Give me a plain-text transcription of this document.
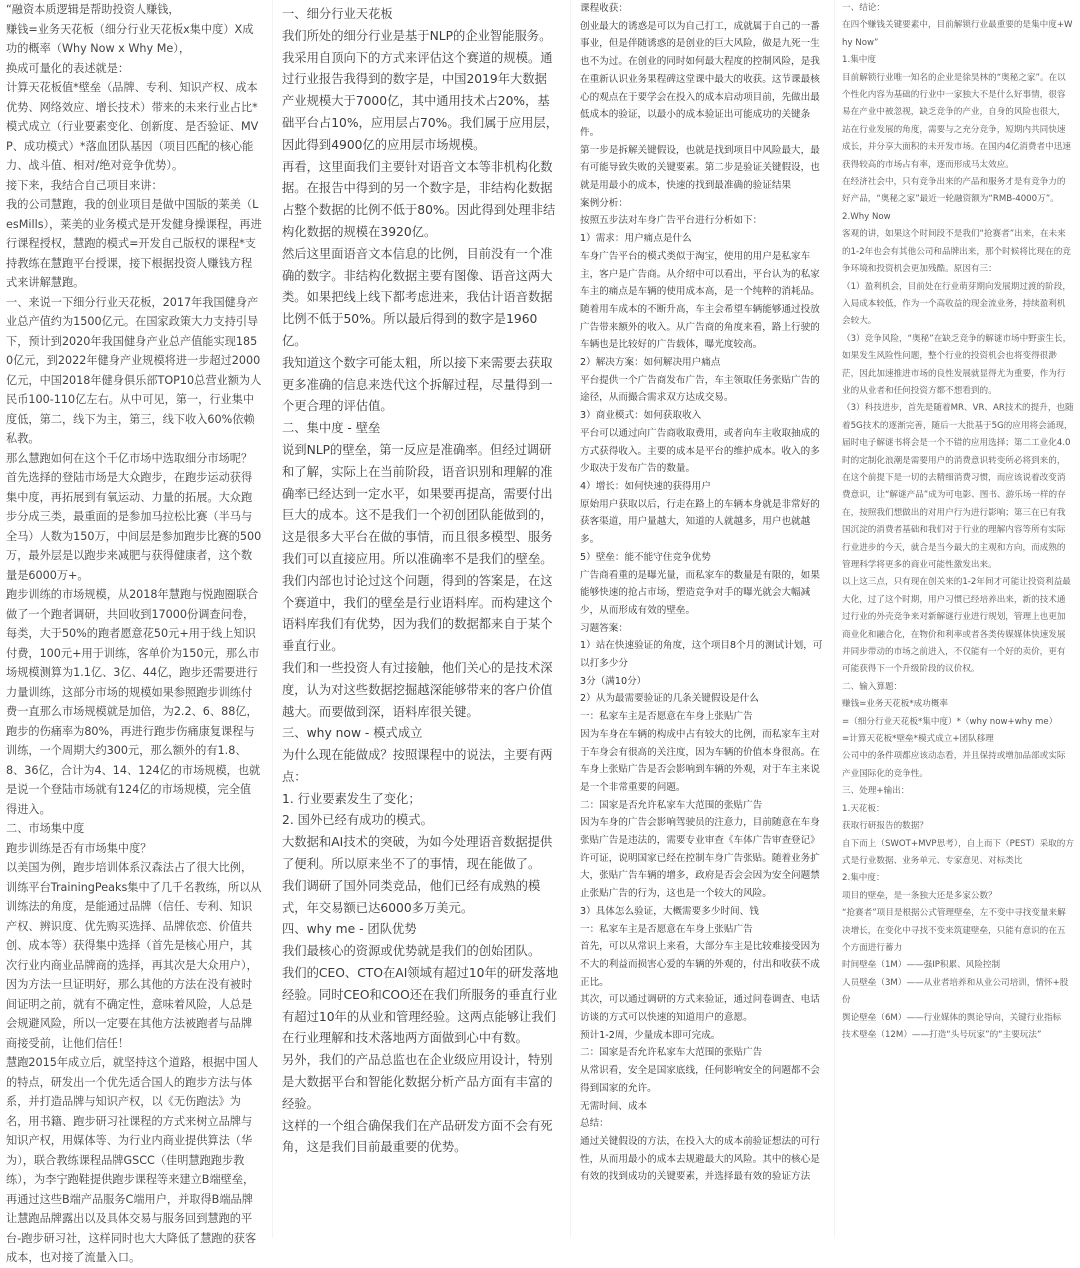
“融资本质逻辑是帮助投资人赚钱，

赚钱=业务天花板（细分行业天花板x集中度）X成功的概率（Why Now x Why Me），

换成可量化的表述就是：

计算天花板值*壁垒（品牌、专利、知识产权、成本优势、网络效应、增长技术）带来的未来行业占比*模式成立（行业要素变化、创新度、是否验证、MVP、成功模式）*落血团队基因（项目匹配的核心能力、战斗值、相对/绝对竞争优势）。

接下来，我结合自己项目来讲：

我的公司慧跑，我的创业项目是做中国版的莱美（LesMills），莱美的业务模式是开发健身操课程，再进行课程授权，慧跑的模式=开发自己版权的课程*支持教练在慧跑平台授课，接下根据投资人赚钱方程式来讲解慧跑。

一、来说一下细分行业天花板，2017年我国健身产业总产值约为1500亿元。在国家政策大力支持引导下，预计到2020年我国健身产业总产值能实现1850亿元，到2022年健身产业规模将进一步超过2000亿元，中国2018年健身俱乐部TOP10总营业额为人民币100-110亿左右。从中可见，第一，行业集中度低，第二，线下为主，第三，线下收入60%依赖私教。

那么慧跑如何在这个千亿市场中选取细分市场呢？

首先选择的登陆市场是大众跑步，在跑步运动获得集中度，再拓展到有氧运动、力量的拓展。大众跑步分成三类，最重面的是参加马拉松比赛（半马与全马）人数为150万，中间层是参加跑步比赛的500万，最外层是以跑步来减肥与获得健康者，这个数量是6000万+。

跑步训练的市场规模，从2018年慧跑与悦跑圈联合做了一个跑者调研，共回收到17000份调查问卷，每类，大于50%的跑者愿意花50元+用于线上知识付费，100元+用于训练，客单价为150元，那么市场规模测算为1.1亿、3亿、44亿，跑步还需要进行力量训练，这部分市场的规模如果参照跑步训练付费一直那么市场规模就是加倍，为2.2、6、88亿，跑步的伤痛率为80%，再进行跑步伤痛康复课程与训练，一个周期大约300元，那么额外的有1.8、8、36亿，合计为4、14、124亿的市场规模，也就是说一个登陆市场就有124亿的市场规模，完全值得进入。

二、市场集中度

跑步训练是否有市场集中度？

以美国为例，跑步培训体系汉森法占了很大比例，训练平台TrainingPeaks集中了几千名教练，所以从训练法的角度，是能通过品牌（信任、专利、知识产权、辨识度、优先购买选择、品牌依恋、价值共创、成本等）获得集中选择（首先是核心用户，其次行业内商业品牌商的选择，再其次是大众用户），因为方法一旦证明好，那么其他的方法在没有被时间证明之前，就有不确定性，意味着风险，人总是会规避风险，所以一定要在其他方法被跑者与品牌商接受前，让他们信任！

慧跑2015年成立后，就坚持这个道路，根据中国人的特点，研发出一个优先适合国人的跑步方法与体系，并打造品牌与知识产权，以《无伤跑法》为名，用书籍、跑步研习社课程的方式来树立品牌与知识产权，用媒体等、为行业内商业提供算法（华为），联合教练课程品牌GSCC（佳明慧跑跑步教练），为李宁跑鞋提供跑步课程等来建立B端壁垒，再通过这些B端产品服务C端用户，并取得B端品牌让慧跑品牌露出以及具体交易与服务回到慧跑的平台-跑步研习社，这样同时也大大降低了慧跑的获客成本，也对接了流量入口。

一、细分行业天花板

我们所处的细分行业是基于NLP的企业智能服务。我采用自顶向下的方式来评估这个赛道的规模。通过行业报告我得到的数字是，中国2019年大数据产业规模大于7000亿，其中通用技术占20%，基础平台占10%，应用层占70%。我们属于应用层，因此得到4900亿的应用层市场规模。

再看，这里面我们主要针对语音文本等非机构化数据。在报告中得到的另一个数字是，非结构化数据占整个数据的比例不低于80%。因此得到处理非结构化数据的规模在3920亿。

然后这里面语音文本信息的比例，目前没有一个准确的数字。非结构化数据主要有图像、语音这两大类。如果把线上线下都考虑进来，我估计语音数据比例不低于50%。所以最后得到的数字是1960亿。

我知道这个数字可能太粗，所以接下来需要去获取更多准确的信息来迭代这个拆解过程，尽量得到一个更合理的评估值。

二、集中度 - 壁垒

说到NLP的壁垒，第一反应是准确率。但经过调研和了解，实际上在当前阶段，语音识别和理解的准确率已经达到一定水平，如果要再提高，需要付出巨大的成本。这不是我们一个初创团队能做到的，这是很多大平台在做的事情，而且很多模型、服务我们可以直接应用。所以准确率不是我们的壁垒。

我们内部也讨论过这个问题，得到的答案是，在这个赛道中，我们的壁垒是行业语料库。而构建这个语料库我们有优势，因为我们的数据都来自于某个垂直行业。

我们和一些投资人有过接触，他们关心的是技术深度，认为对这些数据挖掘越深能够带来的客户价值越大。而要做到深，语料库很关键。

三、why now - 模式成立

为什么现在能做成？按照课程中的说法，主要有两点：

1. 行业要素发生了变化；

2. 国外已经有成功的模式。

大数据和AI技术的突破，为如今处理语音数据提供了便利。所以原来坐不了的事情，现在能做了。

我们调研了国外同类竞品，他们已经有成熟的模式，年交易额已达6000多万美元。

四、why me - 团队优势

我们最核心的资源或优势就是我们的创始团队。

我们的CEO、CTO在AI领域有超过10年的研发落地经验。同时CEO和COO还在我们所服务的垂直行业有超过10年的从业和管理经验。这两点能够让我们在行业理解和技术落地两方面做到心中有数。

另外，我们的产品总监也在企业级应用设计，特别是大数据平台和智能化数据分析产品方面有丰富的经验。

这样的一个组合确保我们在产品研发方面不会有死角，这是我们目前最重要的优势。

课程收获：

创业最大的诱惑是可以为自己打工，成就属于自己的一番事业，但是伴随诱惑的是创业的巨大风险，做是九死一生也不为过。在创业的同时如何最大程度的控制风险，是我在重新认识业务果程碑这堂课中最大的收获。这节课最核心的观点在于要学会在投入的成本启动项目前，先做出最低成本的验证，以最小的成本验证出可能成功的关键条件。

第一步是拆解关键假设，也就是找到项目中风险最大，最有可能导致失败的关键要素。第二步是验证关键假设，也就是用最小的成本，快速的找到最准确的验证结果

案例分析：

按照五步法对车身广告平台进行分析如下：

1）需求：用户痛点是什么

车身广告平台的模式类似于淘宝，使用的用户是私家车主，客户是广告商。从介绍中可以看出，平台认为的私家车主的痛点是车辆的使用成本高，是一个纯粹的消耗品。随着用车成本的不断升高，车主会希望车辆能够通过投放广告带来额外的收入。从广告商的角度来看，路上行驶的车辆也是比较好的广告载体，曝光度较高。

2）解决方案：如何解决用户痛点

平台提供一个广告商发布广告，车主领取任务张贴广告的途径，从而撮合需求双方达成交易。

3）商业模式：如何获取收入

平台可以通过向广告商收取费用，或者向车主收取抽成的方式获得收入。主要的成本是平台的维护成本。收入的多少取决于发布广告的数量。

4）增长：如何快速的获得用户

原始用户获取以后，行走在路上的车辆本身就是非常好的获客渠道，用户量越大，知道的人就越多，用户也就越多。

5）壁垒：能不能守住竞争优势

广告商看重的是曝光量，而私家车的数量是有限的，如果能够快速的抢占市场，塑造竞争对手的曝光就会大幅减少，从而形成有效的壁垒。

习题答案：

1）站在快速验证的角度，这个项目8个月的测试计划，可以打多少分

3分（满10分）

2）从为最需要验证的几条关键假设是什么

一：私家车主是否愿意在车身上张贴广告

因为车身在车辆的构成中占有较大的比例，而私家车主对于车身会有很高的关注度，因为车辆的价值本身很高。在车身上张贴广告是否会影响到车辆的外观，对于车主来说是一个非常重要的问题。

二：国家是否允许私家车大范围的张贴广告

因为车身的广告会影响驾驶员的注意力，目前随意在车身张贴广告是违法的，需要专业审查《车体广告审查登记》许可证，说明国家已经在控制车身广告张贴。随着业务扩大，张贴广告车辆的增多，政府是否会会因为安全问题禁止张贴广告的行为，这也是一个较大的风险。

3）具体怎么验证，大概需要多少时间、钱

一：私家车主是否愿意在车身上张贴广告

首先，可以从常识上来看，大部分车主是比较难接受因为不大的利益而损害心爱的车辆的外观的，付出和收获不成正比。

其次，可以通过调研的方式来验证，通过问卷调查、电话访谈的方式可以快速的知道用户的意愿。

预计1-2周，少量成本即可完成。

二：国家是否允许私家车大范围的张贴广告

从常识看，安全是国家底线，任何影响安全的问题都不会得到国家的允许。

无需时间、成本

总结：

通过关键假设的方法，在投入大的成本前验证想法的可行性，从而用最小的成本去规避最大的风险。其中的核心是有效的找到成功的关键要素，并选择最有效的验证方法

一、结论：

在四个赚钱关键要素中，目前解锁行业最重要的是集中度+Why Now”

1.集中度

目前解锁行业唯一知名的企业是徐昊林的“奥秘之家”。在以个性化内容为基础的行业中一家独大不是什么好事情，很容易在产业中被忽视，缺乏竞争的产业，自身的风险也很大，站在行业发展的角度，需要与之充分竞争，短期内共同快速成长，并分享大面积的未开发市场。在国内4亿消费者中迅速获得较高的市场占有率，逐而形成马太效应。

在经济社会中，只有竞争出来的产品和服务才是有竞争力的好产品，“奥秘之家”最近一轮融资额为“RMB-4000万”。

2.Why Now

客观的讲，如果这个时间段不是我们“抢赛者”出来，在未来的1-2年也会有其他公司和品牌出来，那个时候将比现在的竞争环境和投资机会更加残酷。原因有三：

（1）盈利机会，目前处在行业萌芽期向发展期过渡的阶段，入局成本较低，作为一个高收益的现金流业务，持续盈利机会较大。

（3）竞争风险，“奥秘”在缺乏竞争的解谜市场中野蛮生长，如果发生风险性问题，整个行业的投资机会也将变得很渺茫，因此加速推进市场的良性发展就显得尤为重要，作为行业的从业者和任何投资方都不想看到的。

（3）科技进步，首先是随着MR、VR、AR技术的提升，也随着5G技术的逐渐完善，随后一大批基于5G的应用将会涌现，届时电子解谜书将会是一个不错的应用选择；第二工业化4.0时的定制化浪潮是需要用户的消费意识转变所必将到来的，在这个前提下是一切的去精细消费习惯，而应该说着改变消费意识，让“解谜产品”成为可电影、图书、游乐场一样的存在，按照我们想做出的对用户行为进行影响；第三在已有我国沉淀的消费者基础和我们对于行业的理解内容等所有实际行业进步的今天，就合是当今最大的主观和方向，而成熟的管理科学将更多的商业可能性激发出来。

以上这三点，只有现在创关来的1-2年间才可能让投资利益最大化，过了这个时期，用户习惯已经培养出来，新的技术通过行业的外壳竞争来对新解谜行业进行规划，管理上也更加商业化和融合化，在物价和利率或者各类传媒媒体快速发展并同步带动的市场之前进入，不仅能有一个好的卖价，更有可能获得下一个升级阶段的议价权。

二、输入算题：

赚钱=业务天花板*成功概率

=（细分行业天花板*集中度）*（why now+why me）

=计算天花板*壁垒*模式成立+团队移理

公司中的条件项都应该动态看，并且保持或增加品部或实际产业国际化的竞争性。

三、处理+输出：

1.天花板：

获取行研报告的数据？

自下而上（SWOT+MVP思考），自上而下（PEST）采取的方式是行业数据、业务单元、专家意见、对标类比

2.集中度：

项目的壁垒，是一条独大还是多家公数？

“抢赛者”项目是根据公式管理壁垒，左不变中寻找变量来解决增长，在变化中寻找不变来筑建壁垒，只能有意识的在五个方面进行蓄力

时间壁垒（1M）——强IP积累、风险控制

人员壁垒（3M）——从业者培养和从业公司培训，情怀+股份

舆论壁垒（6M）——行业媒体的舆论导向，关键行业指标

技术壁垒（12M）——打造“头号玩家”的“主要玩法”
